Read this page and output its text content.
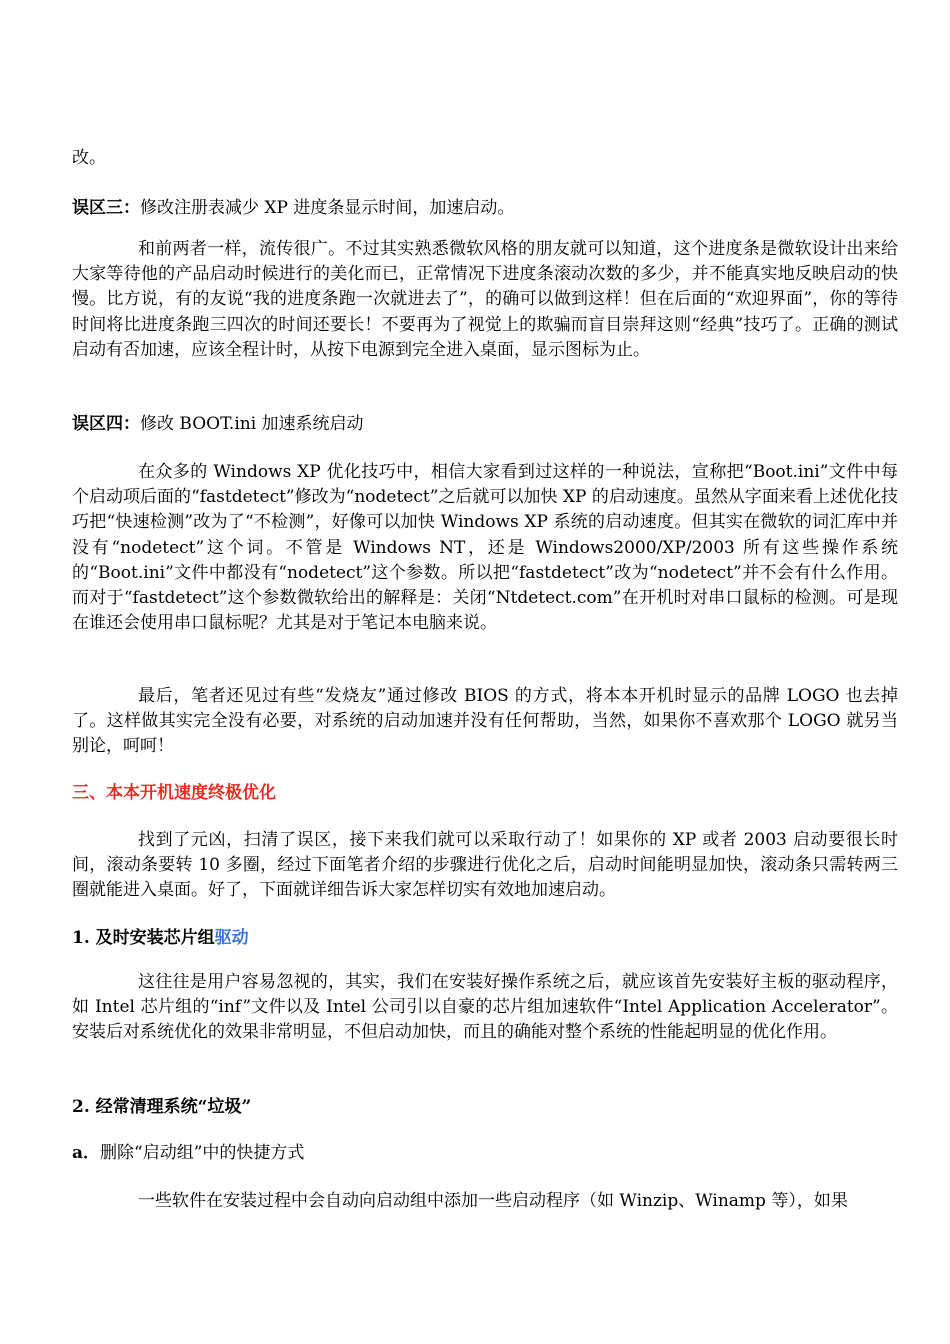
改。

误区三：修改注册表减少 XP 进度条显示时间，加速启动。

和前两者一样，流传很广。不过其实熟悉微软风格的朋友就可以知道，这个进度条是微软设计出来给大家等待他的产品启动时候进行的美化而已，正常情况下进度条滚动次数的多少，并不能真实地反映启动的快慢。比方说，有的友说“我的进度条跑一次就进去了”，的确可以做到这样！但在后面的“欢迎界面”，你的等待时间将比进度条跑三四次的时间还要长！不要再为了视觉上的欺骗而盲目崇拜这则“经典”技巧了。正确的测试启动有否加速，应该全程计时，从按下电源到完全进入桌面，显示图标为止。

误区四：修改 BOOT.ini 加速系统启动

在众多的 Windows XP 优化技巧中，相信大家看到过这样的一种说法，宣称把“Boot.ini”文件中每个启动项后面的“fastdetect”修改为“nodetect”之后就可以加快 XP 的启动速度。虽然从字面来看上述优化技巧把“快速检测”改为了“不检测”，好像可以加快 Windows XP 系统的启动速度。但其实在微软的词汇库中并没有“nodetect”这个词。不管是 Windows NT，还是 Windows2000/XP/2003 所有这些操作系统的“Boot.ini”文件中都没有“nodetect”这个参数。所以把“fastdetect”改为“nodetect”并不会有什么作用。而对于“fastdetect”这个参数微软给出的解释是：关闭“Ntdetect.com”在开机时对串口鼠标的检测。可是现在谁还会使用串口鼠标呢？尤其是对于笔记本电脑来说。

最后，笔者还见过有些“发烧友”通过修改 BIOS 的方式，将本本开机时显示的品牌 LOGO 也去掉了。这样做其实完全没有必要，对系统的启动加速并没有任何帮助，当然，如果你不喜欢那个 LOGO 就另当别论，呵呵！

三、本本开机速度终极优化

找到了元凶，扫清了误区，接下来我们就可以采取行动了！如果你的 XP 或者 2003 启动要很长时间，滚动条要转 10 多圈，经过下面笔者介绍的步骤进行优化之后，启动时间能明显加快，滚动条只需转两三圈就能进入桌面。好了，下面就详细告诉大家怎样切实有效地加速启动。

1. 及时安装芯片组驱动

这往往是用户容易忽视的，其实，我们在安装好操作系统之后，就应该首先安装好主板的驱动程序，如 Intel 芯片组的“inf”文件以及 Intel 公司引以自豪的芯片组加速软件“Intel Application Accelerator”。安装后对系统优化的效果非常明显，不但启动加快，而且的确能对整个系统的性能起明显的优化作用。

2. 经常清理系统“垃圾”

a．删除“启动组”中的快捷方式

一些软件在安装过程中会自动向启动组中添加一些启动程序（如 Winzip、Winamp 等），如果
